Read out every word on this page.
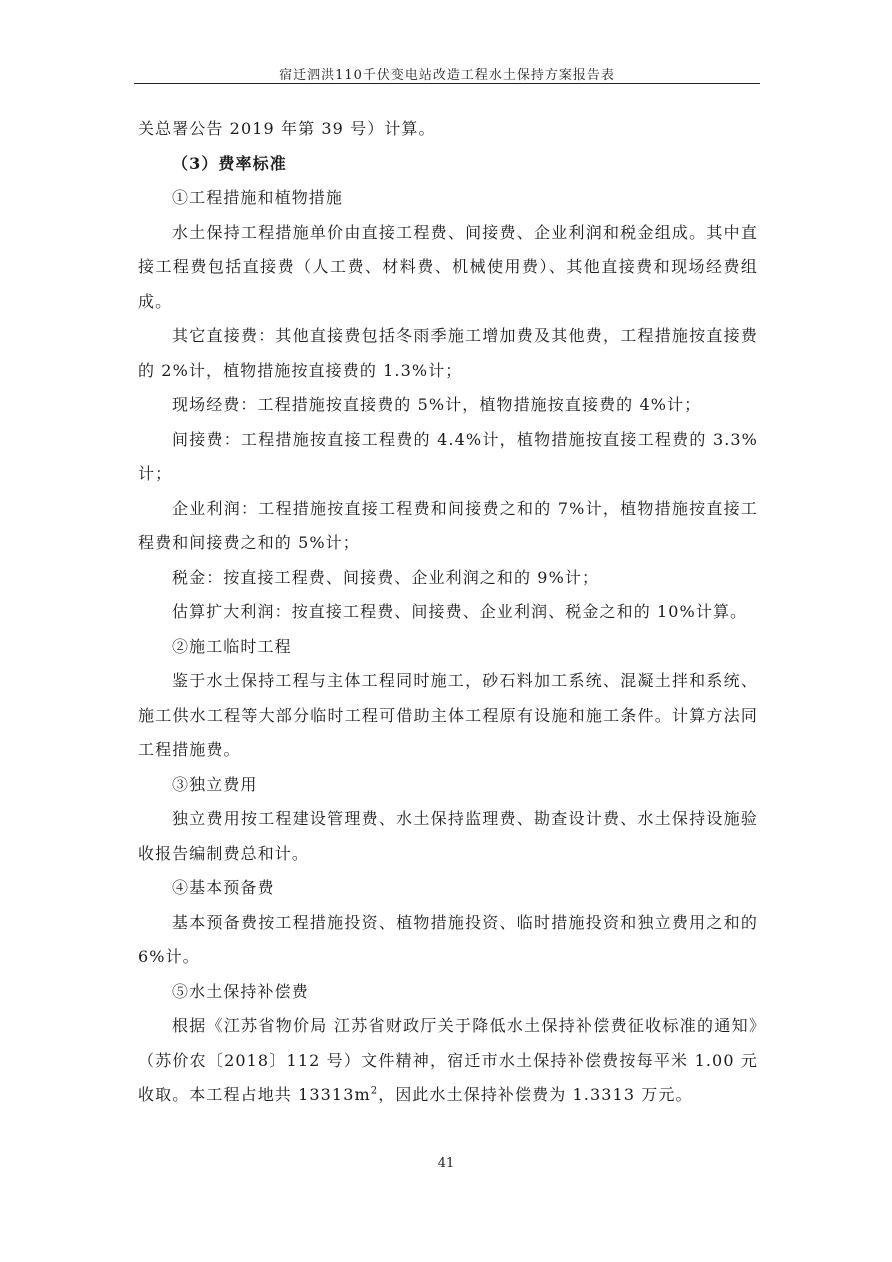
宿迁泗洪110千伏变电站改造工程水土保持方案报告表

关总署公告 2019 年第 39 号）计算。

（3）费率标准

①工程措施和植物措施

水土保持工程措施单价由直接工程费、间接费、企业利润和税金组成。其中直接工程费包括直接费（人工费、材料费、机械使用费）、其他直接费和现场经费组成。

其它直接费：其他直接费包括冬雨季施工增加费及其他费，工程措施按直接费的 2%计，植物措施按直接费的 1.3%计；

现场经费：工程措施按直接费的 5%计，植物措施按直接费的 4%计；

间接费：工程措施按直接工程费的 4.4%计，植物措施按直接工程费的 3.3%计；

企业利润：工程措施按直接工程费和间接费之和的 7%计，植物措施按直接工程费和间接费之和的 5%计；

税金：按直接工程费、间接费、企业利润之和的 9%计；

估算扩大利润：按直接工程费、间接费、企业利润、税金之和的 10%计算。

②施工临时工程

鉴于水土保持工程与主体工程同时施工，砂石料加工系统、混凝土拌和系统、施工供水工程等大部分临时工程可借助主体工程原有设施和施工条件。计算方法同工程措施费。

③独立费用

独立费用按工程建设管理费、水土保持监理费、勘查设计费、水土保持设施验收报告编制费总和计。

④基本预备费

基本预备费按工程措施投资、植物措施投资、临时措施投资和独立费用之和的 6%计。

⑤水土保持补偿费

根据《江苏省物价局 江苏省财政厅关于降低水土保持补偿费征收标准的通知》（苏价农〔2018〕112 号）文件精神，宿迁市水土保持补偿费按每平米 1.00 元收取。本工程占地共 $13313m^2$，因此水土保持补偿费为 1.3313 万元。

41
